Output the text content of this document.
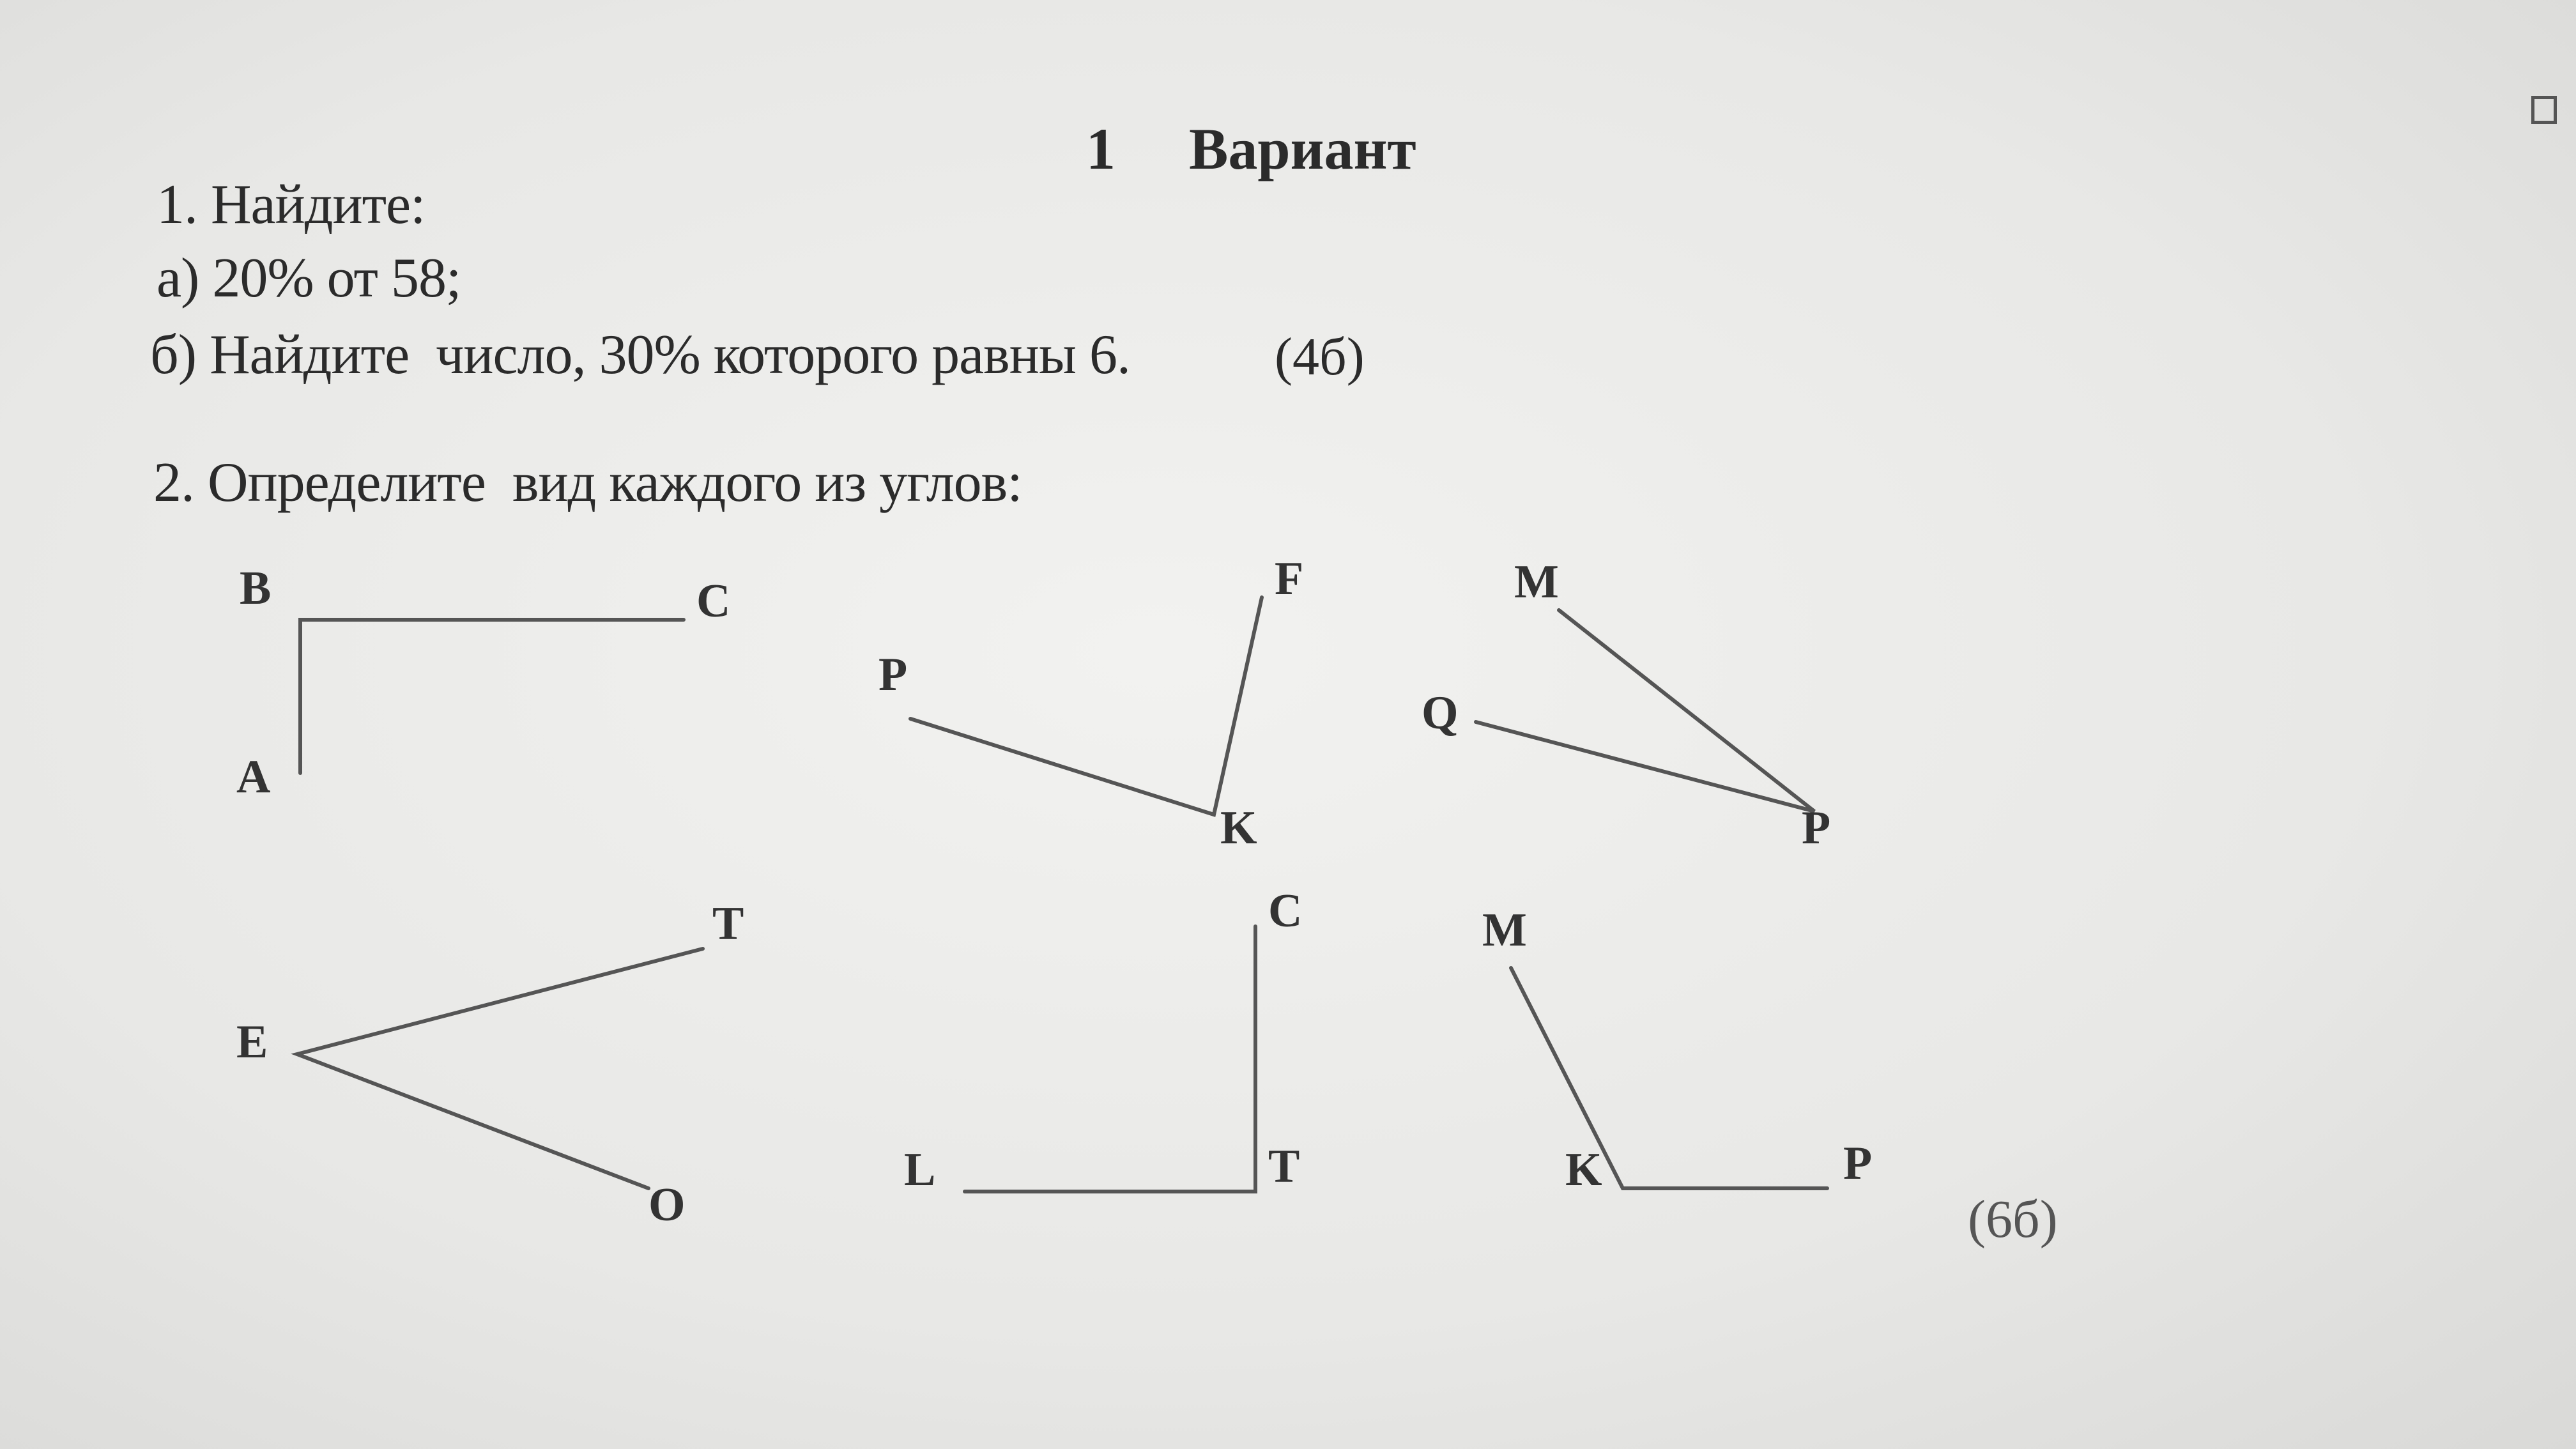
1     Вариант
1. Найдите:
а) 20% от 58;
б) Найдите  число, 30% которого равны 6.	(4б)
2. Определите  вид каждого из углов:
(6б)
B	C
A
F
P
K
M
Q
P
T
E
O
C
L	T
M
K	P
